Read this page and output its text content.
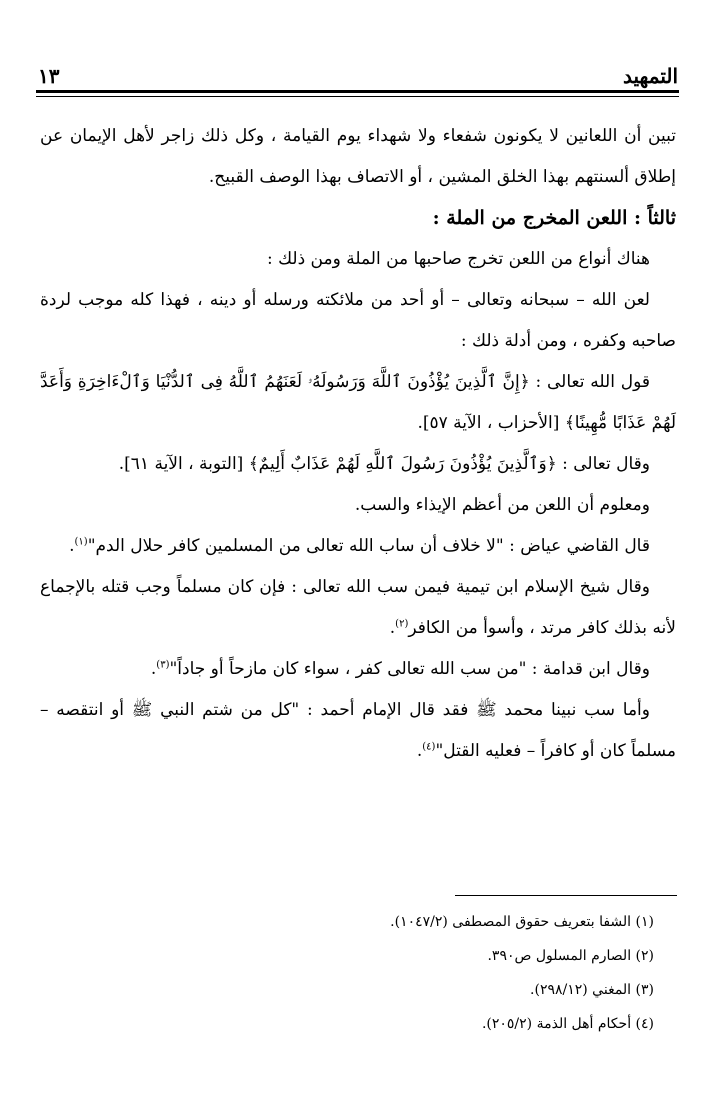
التمهيد
١٣

تبين أن اللعانين لا يكونون شفعاء ولا شهداء يوم القيامة ، وكل ذلك زاجر لأهل الإيمان عن إطلاق ألسنتهم بهذا الخلق المشين ، أو الاتصاف بهذا الوصف القبيح.

ثالثاً : اللعن المخرج من الملة :

هناك أنواع من اللعن تخرج صاحبها من الملة ومن ذلك :

لعن الله – سبحانه وتعالى – أو أحد من ملائكته ورسله أو دينه ، فهذا كله موجب لردة صاحبه وكفره ، ومن أدلة ذلك :

قول الله تعالى : ﴿إِنَّ ٱلَّذِينَ يُؤْذُونَ ٱللَّهَ وَرَسُولَهُۥ لَعَنَهُمُ ٱللَّهُ فِى ٱلدُّنْيَا وَٱلْءَاخِرَةِ وَأَعَدَّ لَهُمْ عَذَابًا مُّهِينًا﴾ [الأحزاب ، الآية ٥٧].

وقال تعالى : ﴿وَٱلَّذِينَ يُؤْذُونَ رَسُولَ ٱللَّهِ لَهُمْ عَذَابٌ أَلِيمٌ﴾ [التوبة ، الآية ٦١].

ومعلوم أن اللعن من أعظم الإيذاء والسب.

قال القاضي عياض : "لا خلاف أن ساب الله تعالى من المسلمين كافر حلال الدم"$^{(١)}$.

وقال شيخ الإسلام ابن تيمية فيمن سب الله تعالى : فإن كان مسلماً وجب قتله بالإجماع لأنه بذلك كافر مرتد ، وأسوأ من الكافر$^{(٢)}$.

وقال ابن قدامة : "من سب الله تعالى كفر ، سواء كان مازحاً أو جاداً"$^{(٣)}$.

وأما سب نبينا محمد ﷺ فقد قال الإمام أحمد : "كل من شتم النبي ﷺ أو انتقصه – مسلماً كان أو كافراً – فعليه القتل"$^{(٤)}$.

(١) الشفا بتعريف حقوق المصطفى (١٠٤٧/٢).
(٢) الصارم المسلول ص٣٩٠.
(٣) المغني (٢٩٨/١٢).
(٤) أحكام أهل الذمة (٢٠٥/٢).
